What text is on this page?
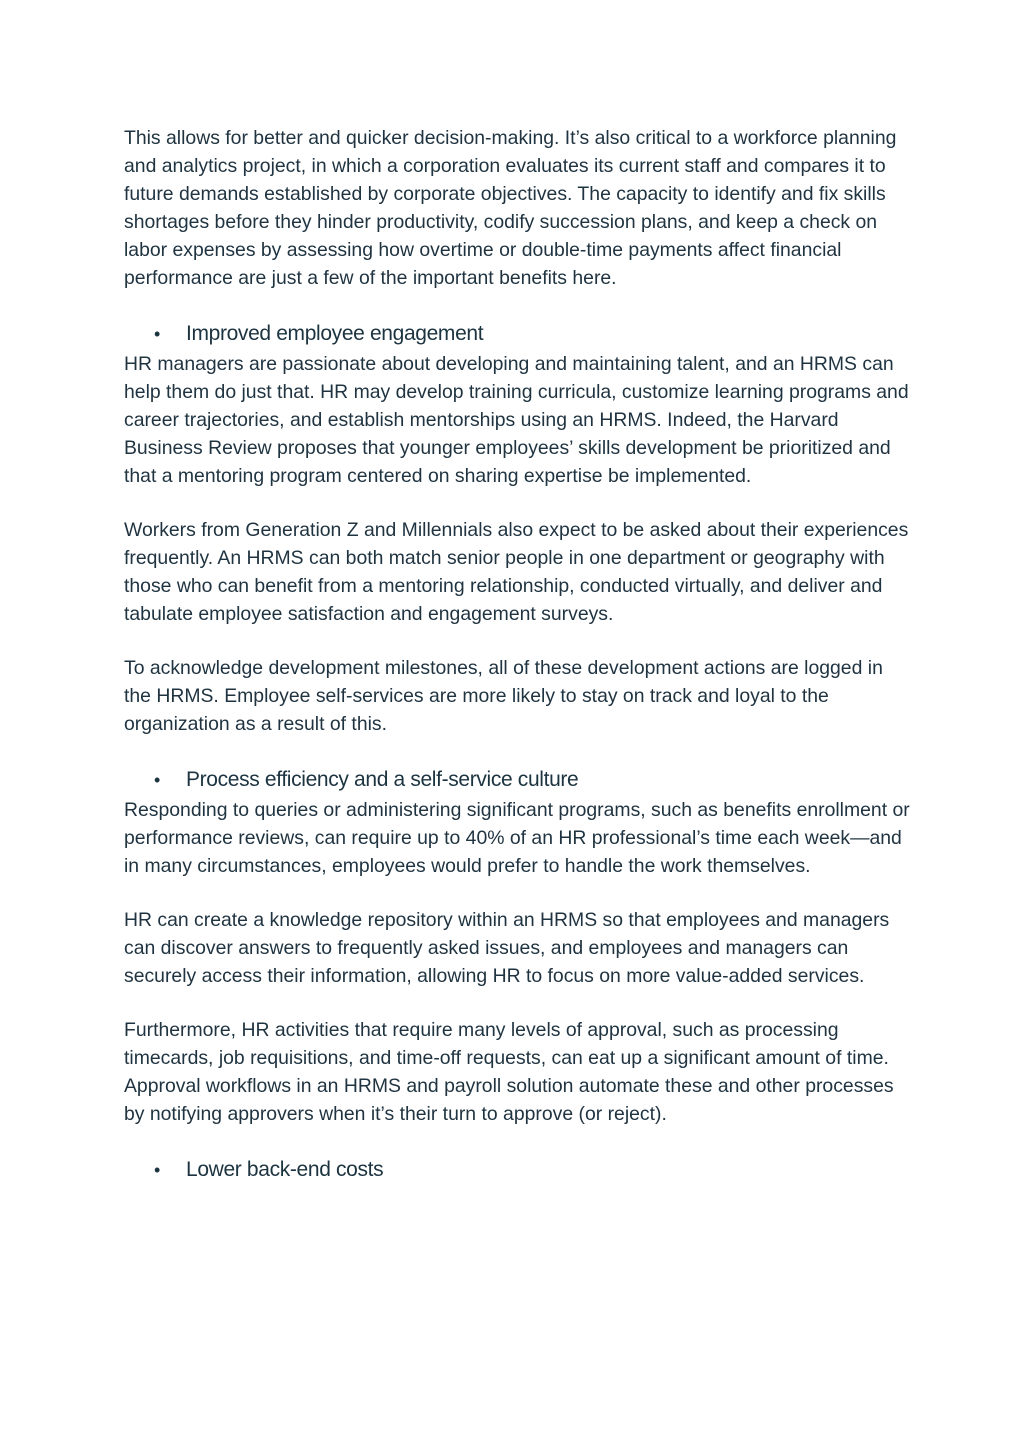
This allows for better and quicker decision-making. It’s also critical to a workforce planning and analytics project, in which a corporation evaluates its current staff and compares it to future demands established by corporate objectives. The capacity to identify and fix skills shortages before they hinder productivity, codify succession plans, and keep a check on labor expenses by assessing how overtime or double-time payments affect financial performance are just a few of the important benefits here.

•	Improved employee engagement

HR managers are passionate about developing and maintaining talent, and an HRMS can help them do just that. HR may develop training curricula, customize learning programs and career trajectories, and establish mentorships using an HRMS. Indeed, the Harvard Business Review proposes that younger employees’ skills development be prioritized and that a mentoring program centered on sharing expertise be implemented.

Workers from Generation Z and Millennials also expect to be asked about their experiences frequently. An HRMS can both match senior people in one department or geography with those who can benefit from a mentoring relationship, conducted virtually, and deliver and tabulate employee satisfaction and engagement surveys.

To acknowledge development milestones, all of these development actions are logged in the HRMS. Employee self-services are more likely to stay on track and loyal to the organization as a result of this.

•	Process efficiency and a self-service culture

Responding to queries or administering significant programs, such as benefits enrollment or performance reviews, can require up to 40% of an HR professional’s time each week—and in many circumstances, employees would prefer to handle the work themselves.

HR can create a knowledge repository within an HRMS so that employees and managers can discover answers to frequently asked issues, and employees and managers can securely access their information, allowing HR to focus on more value-added services.

Furthermore, HR activities that require many levels of approval, such as processing timecards, job requisitions, and time-off requests, can eat up a significant amount of time. Approval workflows in an HRMS and payroll solution automate these and other processes by notifying approvers when it’s their turn to approve (or reject).

•	Lower back-end costs
